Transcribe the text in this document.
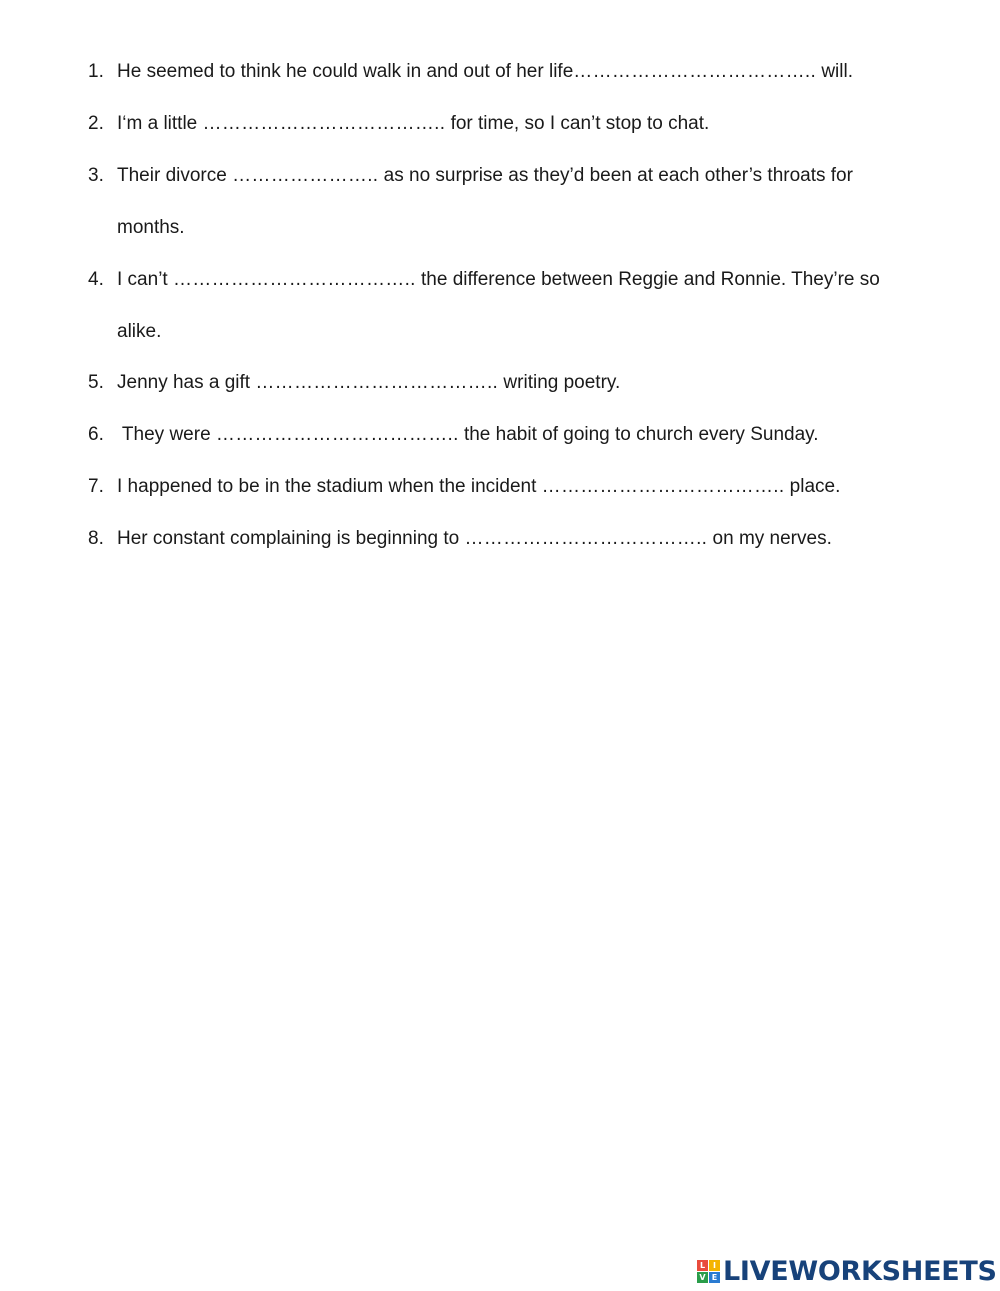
1. He seemed to think he could walk in and out of her life……………………………….. will.
2. I‘m a little ……………………………….. for time, so I can’t stop to chat.
3. Their divorce ………………….. as no surprise as they’d been at each other’s throats for
months.
4. I can’t ……………………………….. the difference between Reggie and Ronnie. They’re so
alike.
5. Jenny has a gift ……………………………….. writing poetry.
6. They were ……………………………….. the habit of going to church every Sunday.
7. I happened to be in the stadium when the incident ……………………………….. place.
8. Her constant complaining is beginning to ……………………………….. on my nerves.
L I
V E LIVEWORKSHEETS
